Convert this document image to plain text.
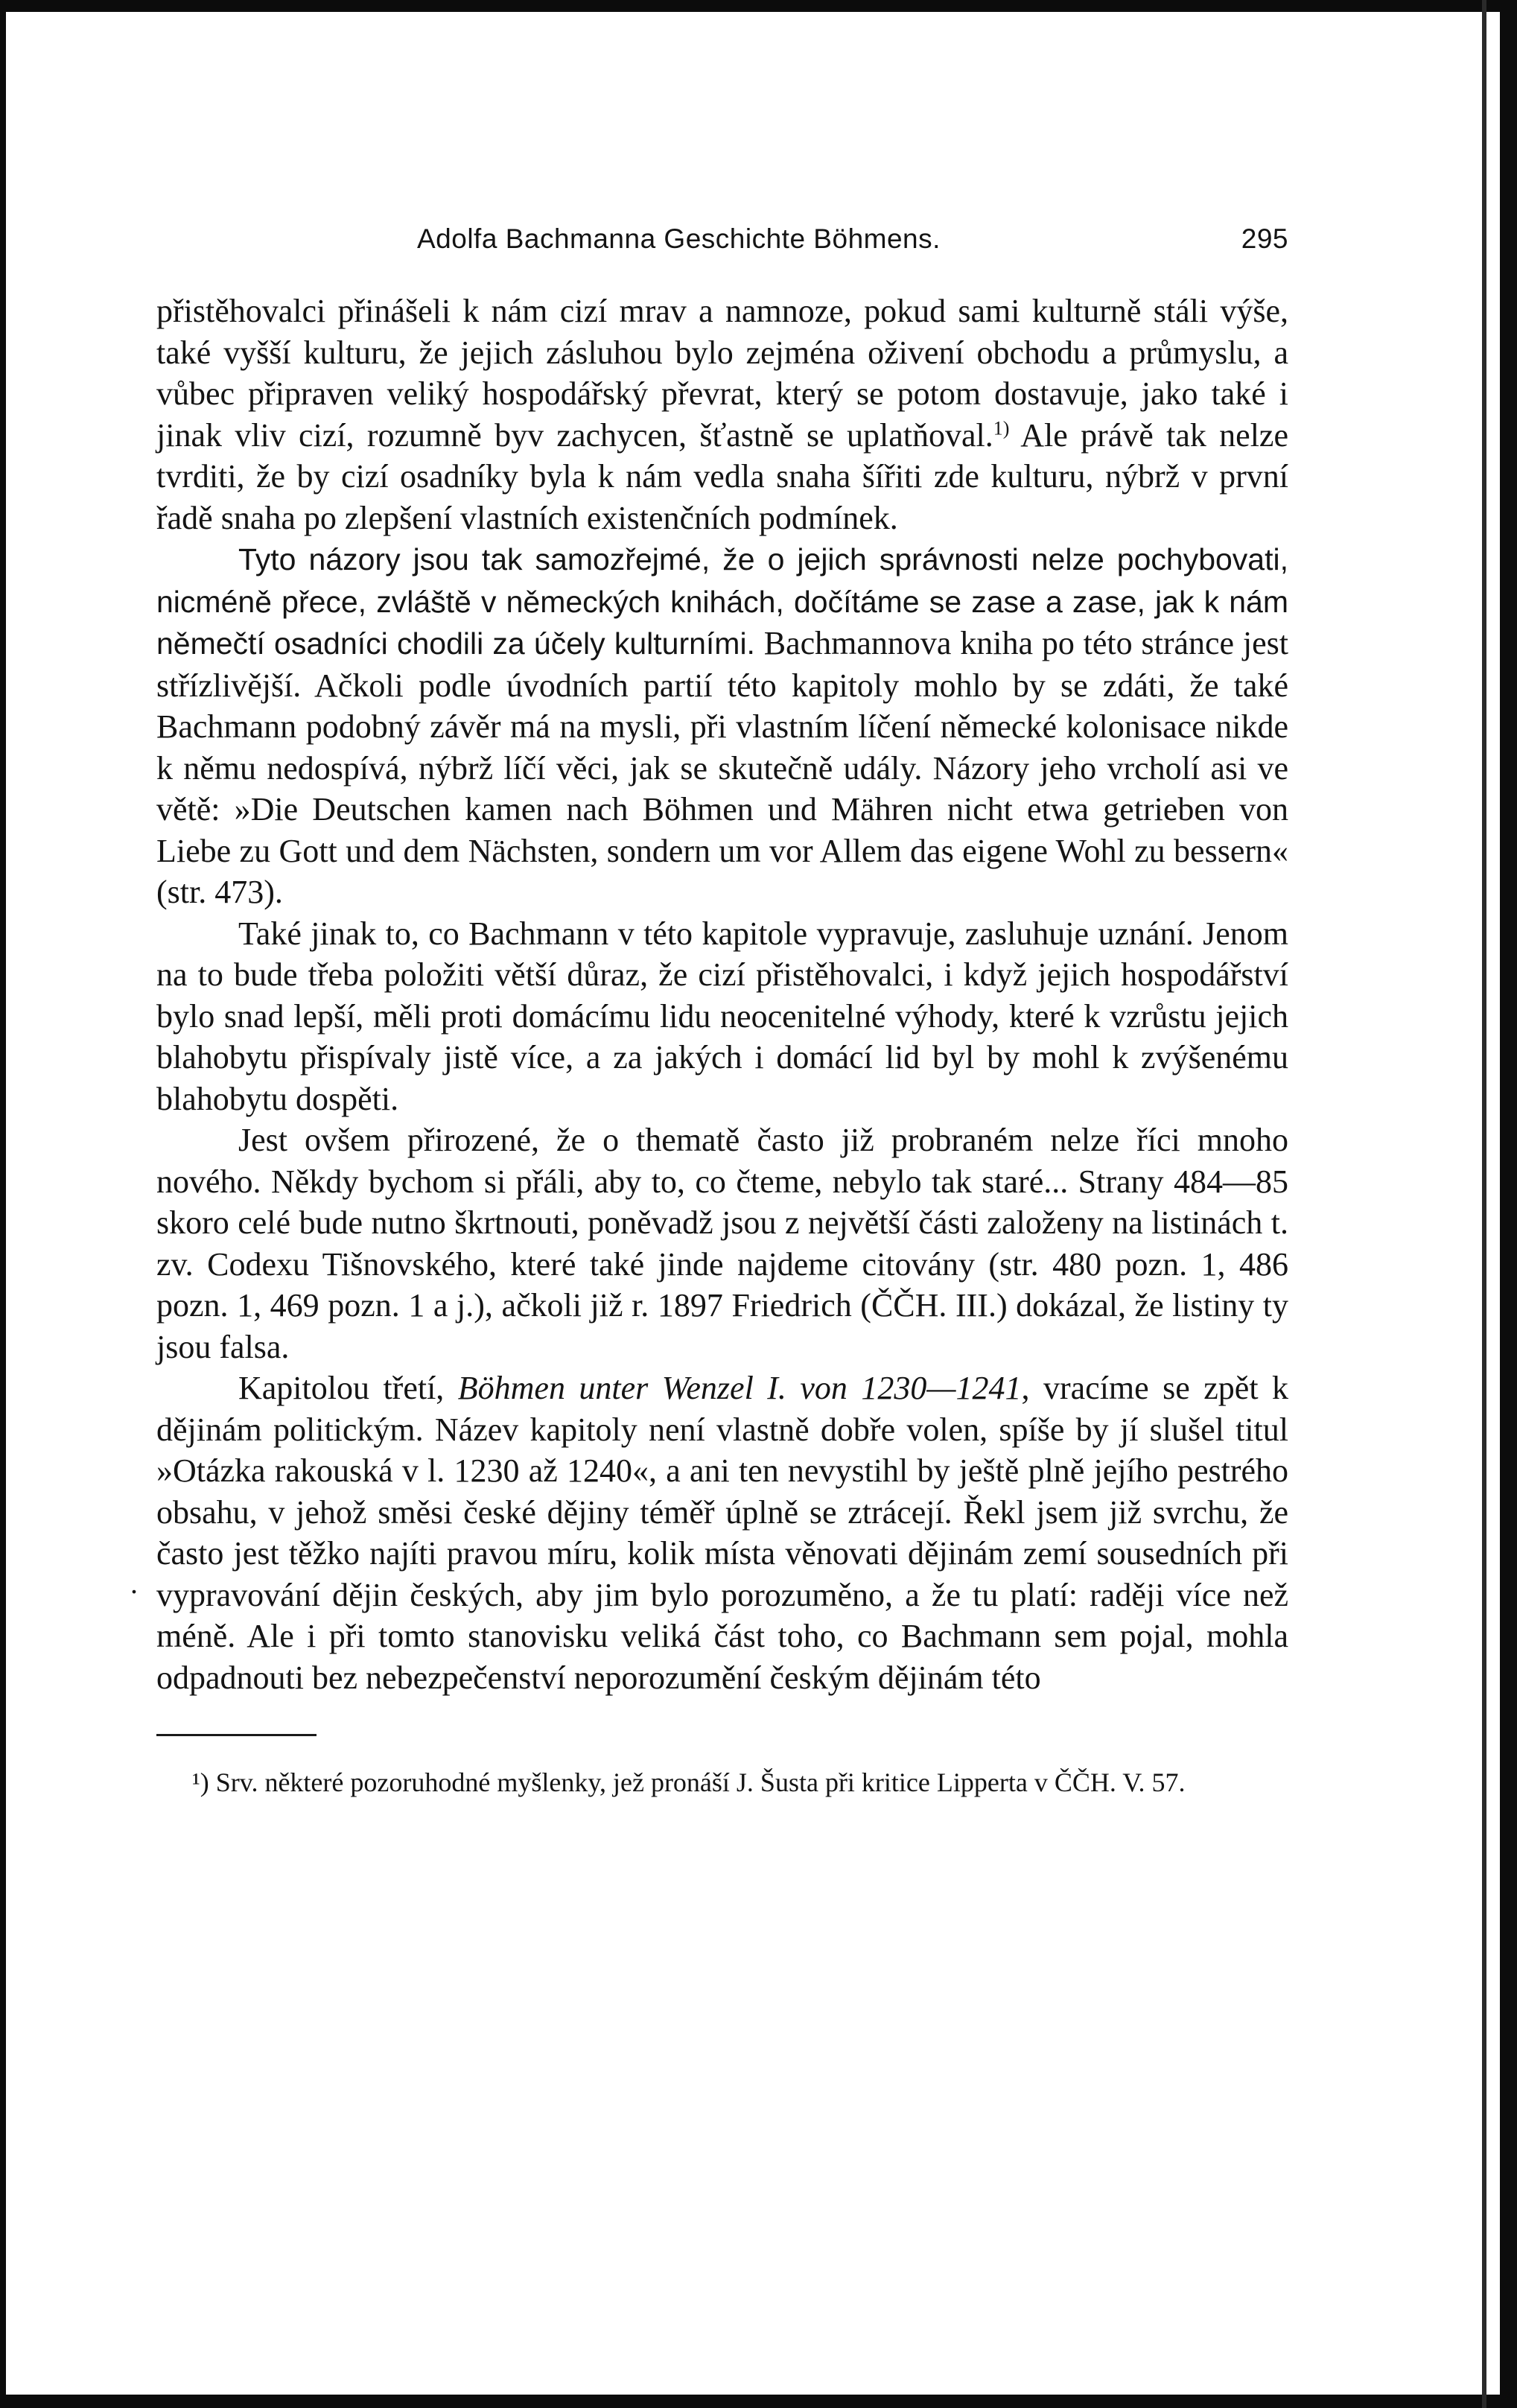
.
Adolfa Bachmanna Geschichte Böhmens.	295

přistěhovalci přinášeli k nám cizí mrav a namnoze, pokud sami kulturně stáli výše, také vyšší kulturu, že jejich zásluhou bylo zejména oživení obchodu a průmyslu, a vůbec připraven veliký hospodářský převrat, který se potom dostavuje, jako také i jinak vliv cizí, rozumně byv zachycen, šťastně se uplatňoval.$^{1)}$ Ale právě tak nelze tvrditi, že by cizí osadníky byla k nám vedla snaha šířiti zde kulturu, nýbrž v první řadě snaha po zlepšení vlastních existenčních podmínek.

Tyto názory jsou tak samozřejmé, že o jejich správnosti nelze pochybovati, nicméně přece, zvláště v německých knihách, dočítáme se zase a zase, jak k nám němečtí osadníci chodili za účely kulturními. Bachmannova kniha po této stránce jest střízlivější. Ačkoli podle úvodních partií této kapitoly mohlo by se zdáti, že také Bachmann podobný závěr má na mysli, při vlastním líčení německé kolonisace nikde k němu nedospívá, nýbrž líčí věci, jak se skutečně udály. Názory jeho vrcholí asi ve větě: »Die Deutschen kamen nach Böhmen und Mähren nicht etwa getrieben von Liebe zu Gott und dem Nächsten, sondern um vor Allem das eigene Wohl zu bessern« (str. 473).

Také jinak to, co Bachmann v této kapitole vypravuje, zasluhuje uznání. Jenom na to bude třeba položiti větší důraz, že cizí přistěhovalci, i když jejich hospodářství bylo snad lepší, měli proti domácímu lidu neocenitelné výhody, které k vzrůstu jejich blahobytu přispívaly jistě více, a za jakých i domácí lid byl by mohl k zvýšenému blahobytu dospěti.

Jest ovšem přirozené, že o thematě často již probraném nelze říci mnoho nového. Někdy bychom si přáli, aby to, co čteme, nebylo tak staré... Strany 484—85 skoro celé bude nutno škrtnouti, poněvadž jsou z největší části založeny na listinách t. zv. Codexu Tišnovského, které také jinde najdeme citovány (str. 480 pozn. 1, 486 pozn. 1, 469 pozn. 1 a j.), ačkoli již r. 1897 Friedrich (ČČH. III.) dokázal, že listiny ty jsou falsa.

Kapitolou třetí, Böhmen unter Wenzel I. von 1230—1241, vracíme se zpět k dějinám politickým. Název kapitoly není vlastně dobře volen, spíše by jí slušel titul »Otázka rakouská v l. 1230 až 1240«, a ani ten nevystihl by ještě plně jejího pestrého obsahu, v jehož směsi české dějiny téměř úplně se ztrácejí. Řekl jsem již svrchu, že často jest těžko najíti pravou míru, kolik místa věnovati dějinám zemí sousedních při vypravování dějin českých, aby jim bylo porozuměno, a že tu platí: raději více než méně. Ale i při tomto stanovisku veliká část toho, co Bachmann sem pojal, mohla odpadnouti bez nebezpečenství neporozumění českým dějinám této

¹) Srv. některé pozoruhodné myšlenky, jež pronáší J. Šusta při kritice Lipperta v ČČH. V. 57.
